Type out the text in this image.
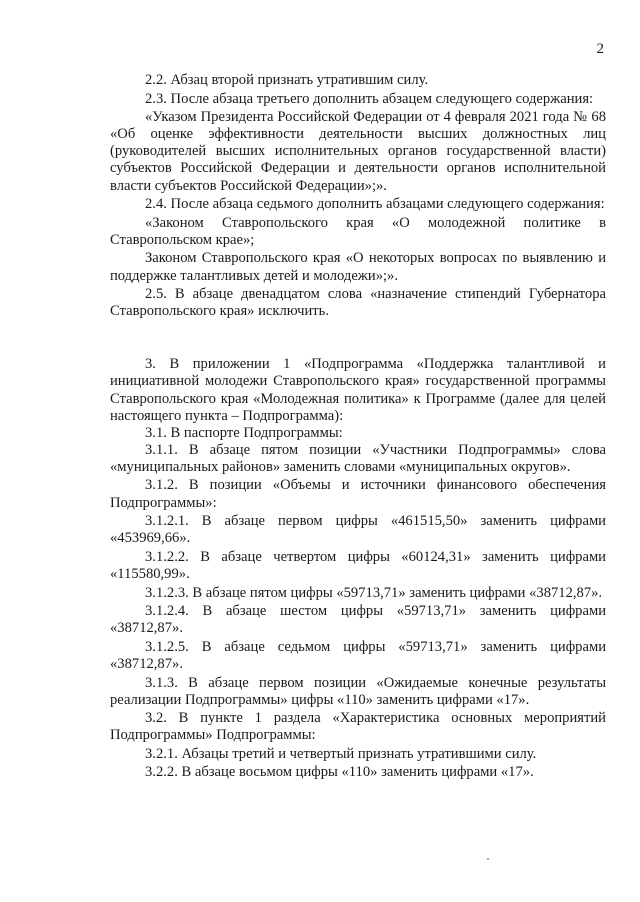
2

2.2. Абзац второй признать утратившим силу.

2.3. После абзаца третьего дополнить абзацем следующего содержания:

«Указом Президента Российской Федерации от 4 февраля 2021 года № 68 «Об оценке эффективности деятельности высших должностных лиц (руководителей высших исполнительных органов государственной власти) субъектов Российской Федерации и деятельности органов исполнительной власти субъектов Российской Федерации»;».

2.4. После абзаца седьмого дополнить абзацами следующего содержания:

«Законом Ставропольского края «О молодежной политике в Ставропольском крае»;

Законом Ставропольского края «О некоторых вопросах по выявлению и поддержке талантливых детей и молодежи»;».

2.5. В абзаце двенадцатом слова «назначение стипендий Губернатора Ставропольского края» исключить.

3. В приложении 1 «Подпрограмма «Поддержка талантливой и инициативной молодежи Ставропольского края» государственной программы Ставропольского края «Молодежная политика» к Программе (далее для целей настоящего пункта – Подпрограмма):

3.1. В паспорте Подпрограммы:

3.1.1. В абзаце пятом позиции «Участники Подпрограммы» слова «муниципальных районов» заменить словами «муниципальных округов».

3.1.2. В позиции «Объемы и источники финансового обеспечения Подпрограммы»:

3.1.2.1. В абзаце первом цифры «461515,50» заменить цифрами «453969,66».

3.1.2.2. В абзаце четвертом цифры «60124,31» заменить цифрами «115580,99».

3.1.2.3. В абзаце пятом цифры «59713,71» заменить цифрами «38712,87».

3.1.2.4. В абзаце шестом цифры «59713,71» заменить цифрами «38712,87».

3.1.2.5. В абзаце седьмом цифры «59713,71» заменить цифрами «38712,87».

3.1.3. В абзаце первом позиции «Ожидаемые конечные результаты реализации Подпрограммы» цифры «110» заменить цифрами «17».

3.2. В пункте 1 раздела «Характеристика основных мероприятий Подпрограммы» Подпрограммы:

3.2.1. Абзацы третий и четвертый признать утратившими силу.

3.2.2. В абзаце восьмом цифры «110» заменить цифрами «17».
